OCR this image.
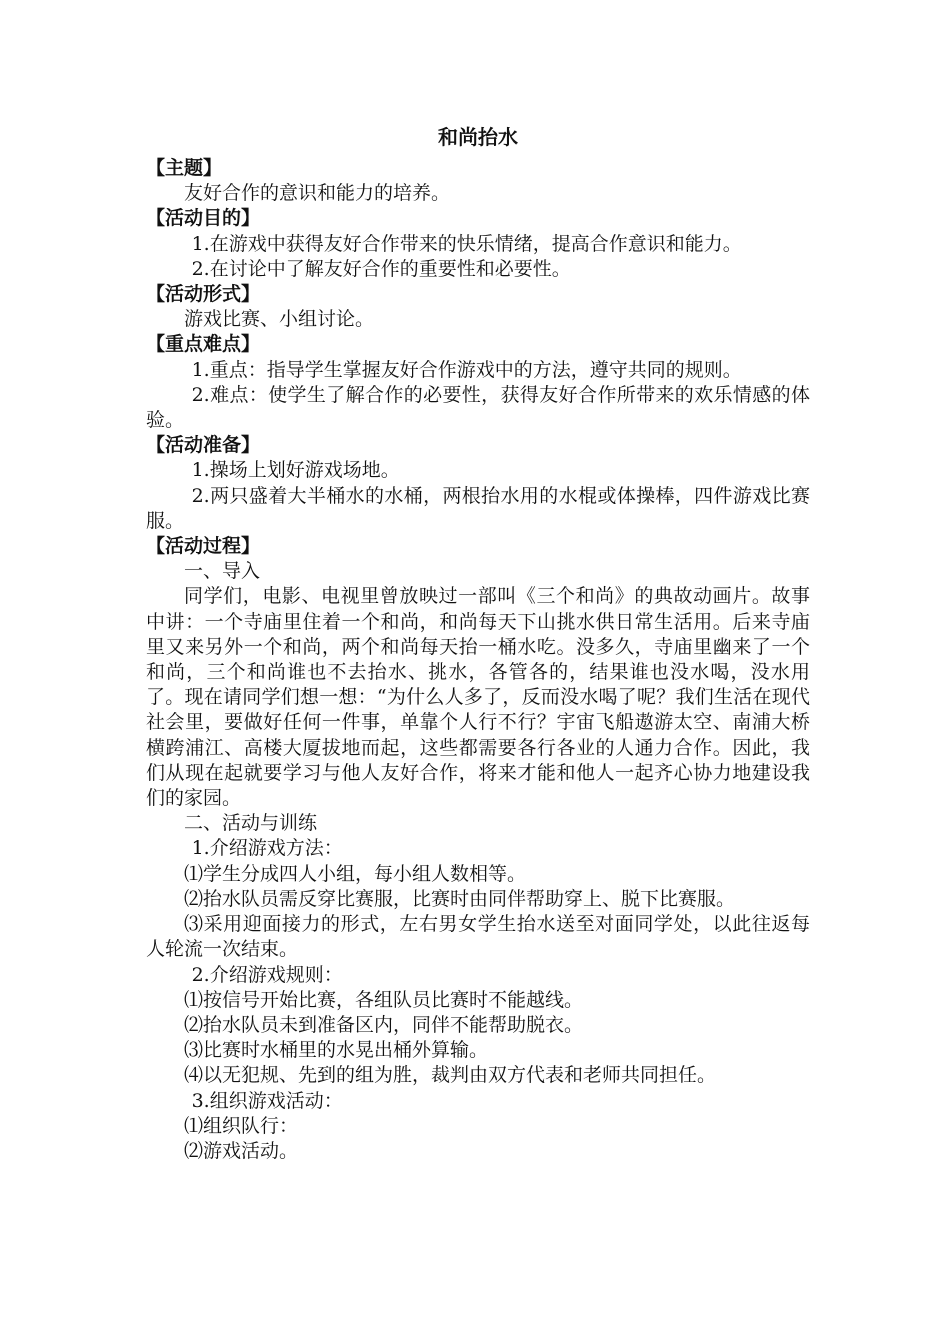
和尚抬水

【主题】

友好合作的意识和能力的培养。

【活动目的】

1.在游戏中获得友好合作带来的快乐情绪，提高合作意识和能力。

2.在讨论中了解友好合作的重要性和必要性。

【活动形式】

游戏比赛、小组讨论。

【重点难点】

1.重点：指导学生掌握友好合作游戏中的方法，遵守共同的规则。

2.难点：使学生了解合作的必要性，获得友好合作所带来的欢乐情感的体验。

【活动准备】

1.操场上划好游戏场地。

2.两只盛着大半桶水的水桶，两根抬水用的水棍或体操棒，四件游戏比赛服。

【活动过程】

一、导入

同学们，电影、电视里曾放映过一部叫《三个和尚》的典故动画片。故事中讲：一个寺庙里住着一个和尚，和尚每天下山挑水供日常生活用。后来寺庙里又来另外一个和尚，两个和尚每天抬一桶水吃。没多久，寺庙里幽来了一个和尚，三个和尚谁也不去抬水、挑水，各管各的，结果谁也没水喝，没水用了。现在请同学们想一想：“为什么人多了，反而没水喝了呢？我们生活在现代社会里，要做好任何一件事，单靠个人行不行？宇宙飞船遨游太空、南浦大桥横跨浦江、高楼大厦拔地而起，这些都需要各行各业的人通力合作。因此，我们从现在起就要学习与他人友好合作，将来才能和他人一起齐心协力地建设我们的家园。

二、活动与训练

1.介绍游戏方法：

⑴学生分成四人小组，每小组人数相等。

⑵抬水队员需反穿比赛服，比赛时由同伴帮助穿上、脱下比赛服。

⑶采用迎面接力的形式，左右男女学生抬水送至对面同学处，以此往返每人轮流一次结束。

2.介绍游戏规则：

⑴按信号开始比赛，各组队员比赛时不能越线。

⑵抬水队员未到准备区内，同伴不能帮助脱衣。

⑶比赛时水桶里的水晃出桶外算输。

⑷以无犯规、先到的组为胜，裁判由双方代表和老师共同担任。

3.组织游戏活动：

⑴组织队行：

⑵游戏活动。
